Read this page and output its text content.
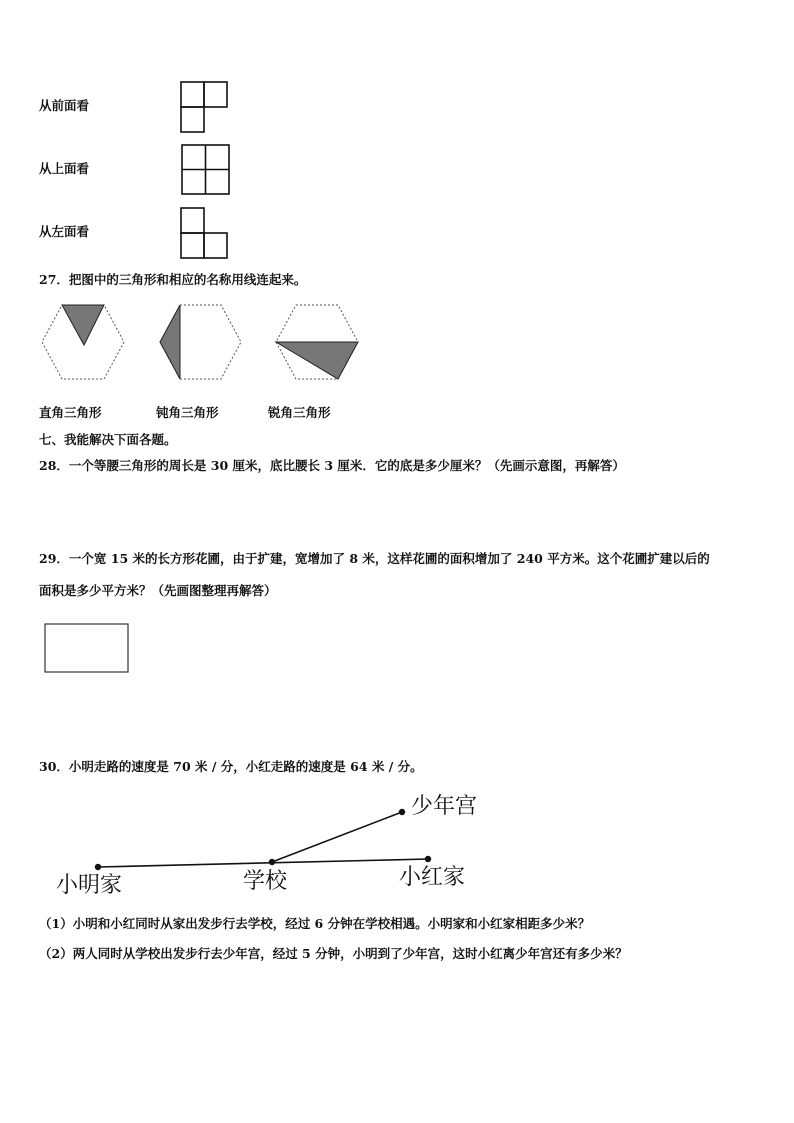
从前面看
从上面看
从左面看
27．把图中的三角形和相应的名称用线连起来。
直角三角形	钝角三角形	锐角三角形
七、我能解决下面各题。
28．一个等腰三角形的周长是 30 厘米，底比腰长 3 厘米．它的底是多少厘米？（先画示意图，再解答）
29．一个宽 15 米的长方形花圃，由于扩建，宽增加了 8 米，这样花圃的面积增加了 240 平方米。这个花圃扩建以后的
面积是多少平方米？（先画图整理再解答）
30．小明走路的速度是 70 米 / 分，小红走路的速度是 64 米 / 分。
少年宫
小明家	学校	小红家
（1）小明和小红同时从家出发步行去学校，经过 6 分钟在学校相遇。小明家和小红家相距多少米？
（2）两人同时从学校出发步行去少年宫，经过 5 分钟，小明到了少年宫，这时小红离少年宫还有多少米？
